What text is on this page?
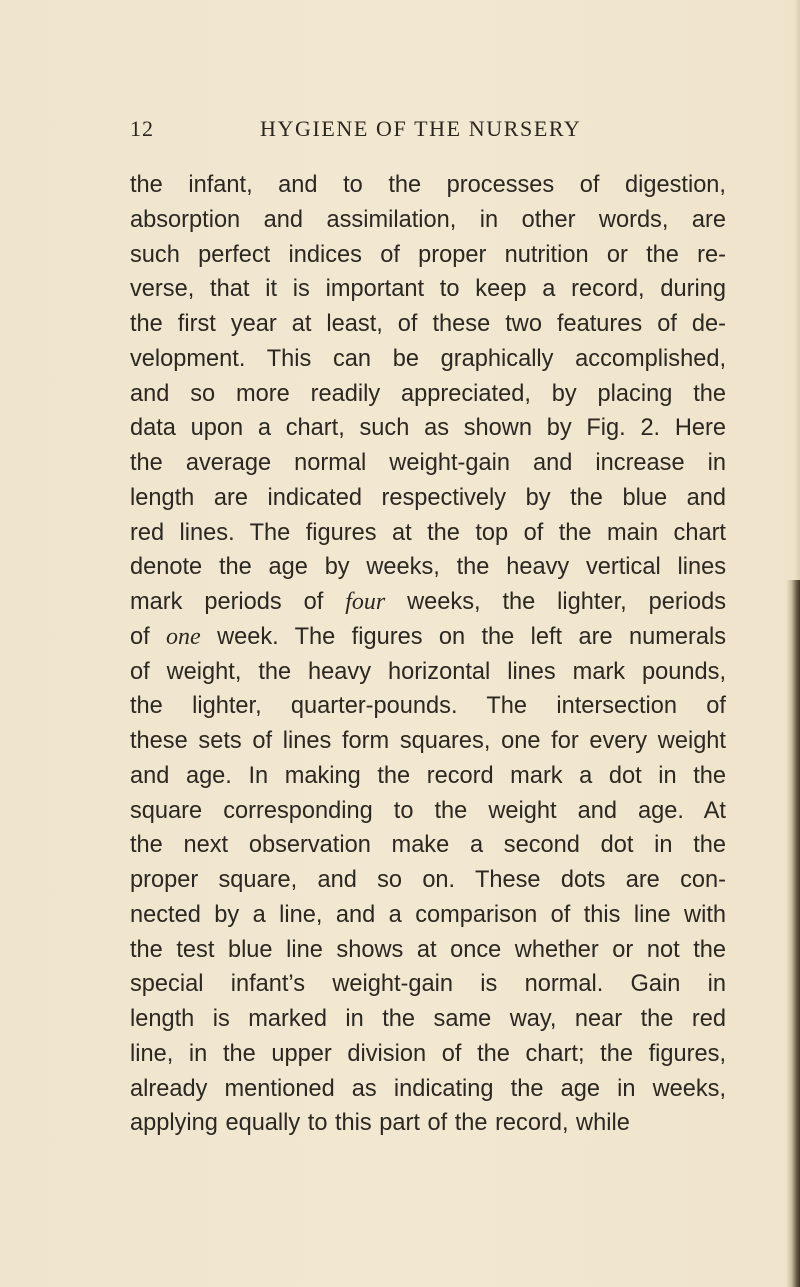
12	HYGIENE OF THE NURSERY
the infant, and to the processes of digestion,
absorption and assimilation, in other words, are
such perfect indices of proper nutrition or the re-
verse, that it is important to keep a record, during
the first year at least, of these two features of de-
velopment. This can be graphically accomplished,
and so more readily appreciated, by placing the
data upon a chart, such as shown by Fig. 2. Here
the average normal weight-gain and increase in
length are indicated respectively by the blue and
red lines. The figures at the top of the main chart
denote the age by weeks, the heavy vertical lines
mark periods of four weeks, the lighter, periods
of one week. The figures on the left are numerals
of weight, the heavy horizontal lines mark pounds,
the lighter, quarter-pounds. The intersection of
these sets of lines form squares, one for every weight
and age. In making the record mark a dot in the
square corresponding to the weight and age. At
the next observation make a second dot in the
proper square, and so on. These dots are con-
nected by a line, and a comparison of this line with
the test blue line shows at once whether or not the
special infant’s weight-gain is normal. Gain in
length is marked in the same way, near the red
line, in the upper division of the chart; the figures,
already mentioned as indicating the age in weeks,
applying equally to this part of the record, while
